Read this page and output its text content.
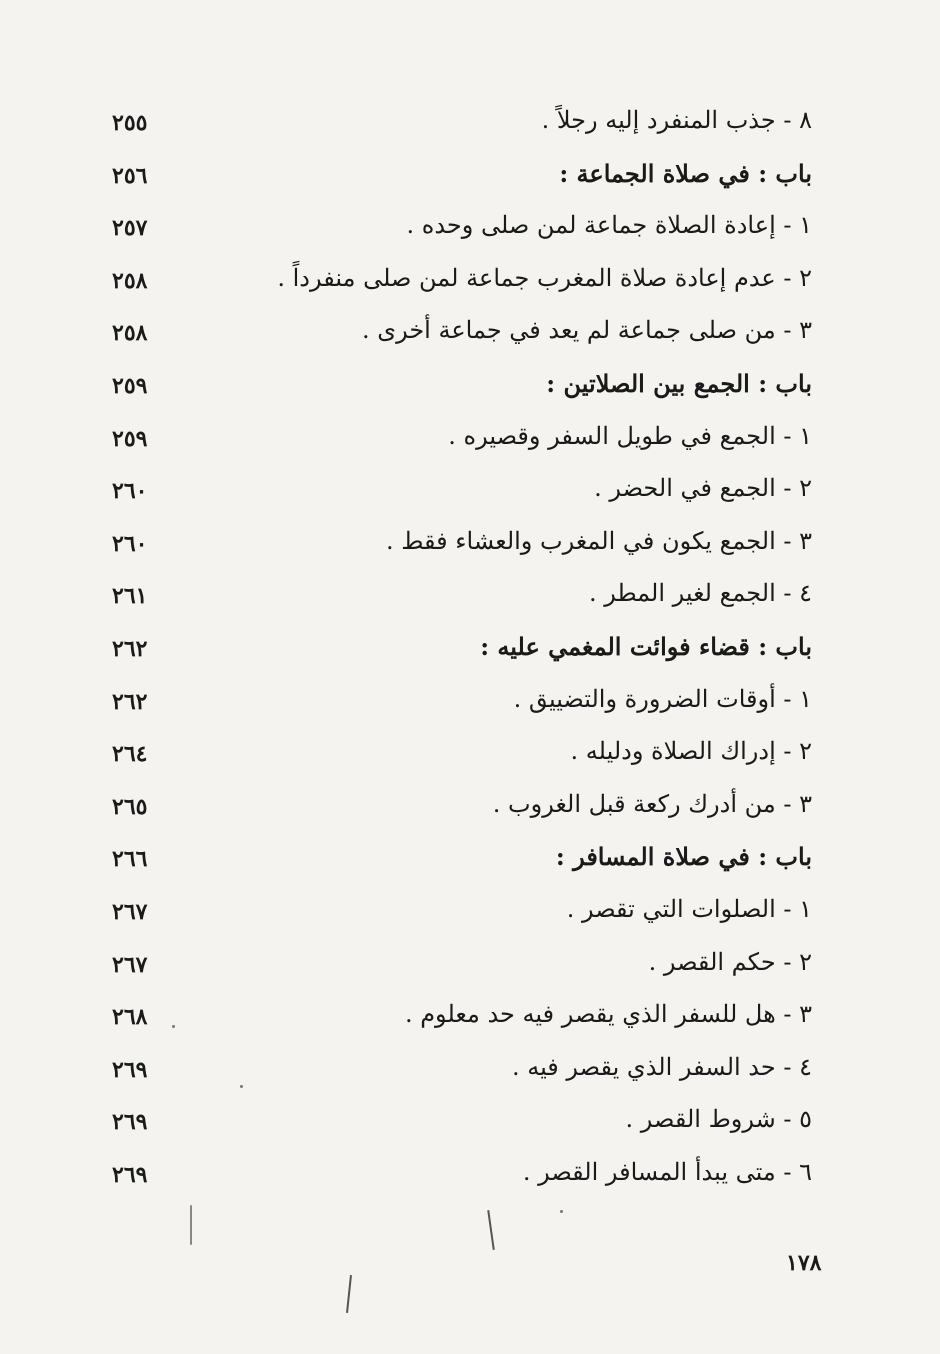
٨ - جذب المنفرد إليه رجلاً .
٢٥٥
باب : في صلاة الجماعة :
٢٥٦
١ - إعادة الصلاة جماعة لمن صلى وحده .
٢٥٧
٢ - عدم إعادة صلاة المغرب جماعة لمن صلى منفرداً .
٢٥٨
٣ - من صلى جماعة لم يعد في جماعة أخرى .
٢٥٨
باب : الجمع بين الصلاتين :
٢٥٩
١ - الجمع في طويل السفر وقصيره .
٢٥٩
٢ - الجمع في الحضر .
٢٦٠
٣ - الجمع يكون في المغرب والعشاء فقط .
٢٦٠
٤ - الجمع لغير المطر .
٢٦١
باب : قضاء فوائت المغمي عليه :
٢٦٢
١ - أوقات الضرورة والتضييق .
٢٦٢
٢ - إدراك الصلاة ودليله .
٢٦٤
٣ - من أدرك ركعة قبل الغروب .
٢٦٥
باب : في صلاة المسافر :
٢٦٦
١ - الصلوات التي تقصر .
٢٦٧
٢ - حكم القصر .
٢٦٧
٣ - هل للسفر الذي يقصر فيه حد معلوم .
٢٦٨
٤ - حد السفر الذي يقصر فيه .
٢٦٩
٥ - شروط القصر .
٢٦٩
٦ - متى يبدأ المسافر القصر .
٢٦٩
١٧٨
